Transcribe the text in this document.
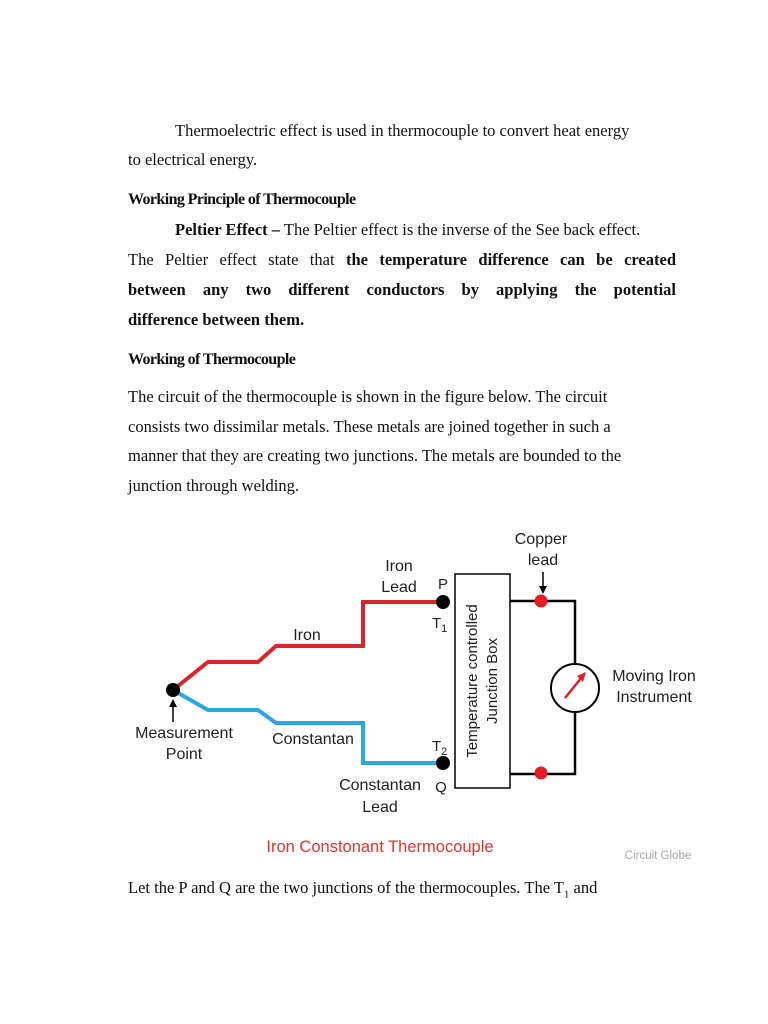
Thermoelectric effect is used in thermocouple to convert heat energy
to electrical energy.
Working Principle of Thermocouple
Peltier Effect – The Peltier effect is the inverse of the See back effect.
The Peltier effect state that the temperature difference can be created
between any two different conductors by applying the potential
difference between them.
Working of Thermocouple
The circuit of the thermocouple is shown in the figure below. The circuit
consists two dissimilar metals. These metals are joined together in such a
manner that they are creating two junctions. The metals are bounded to the
junction through welding.
Copper
lead
Iron
Lead P
Q
$T_1$
$T_2$
Iron
Constantan
Constantan
Lead
Measurement
Point	Temperature controlled Junction Box	Moving Iron
Instrument
Iron Constonant Thermocouple	Circuit Globe
Let the P and Q are the two junctions of the thermocouples. The $T_1$ and
